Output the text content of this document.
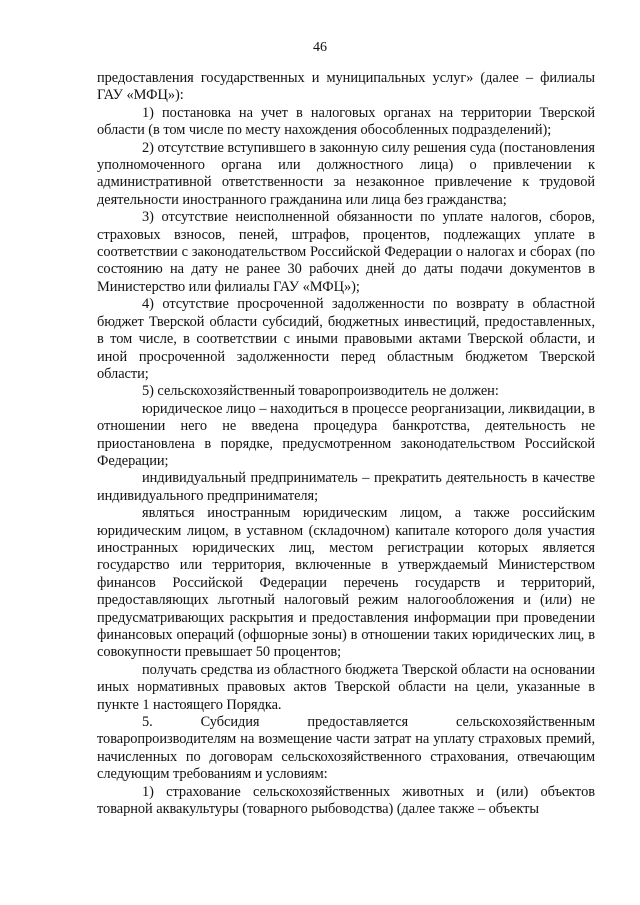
46

предоставления государственных и муниципальных услуг» (далее – филиалы ГАУ «МФЦ»):

1) постановка на учет в налоговых органах на территории Тверской области (в том числе по месту нахождения обособленных подразделений);

2) отсутствие вступившего в законную силу решения суда (постановления уполномоченного органа или должностного лица) о привлечении к административной ответственности за незаконное привлечение к трудовой деятельности иностранного гражданина или лица без гражданства;

3) отсутствие неисполненной обязанности по уплате налогов, сборов, страховых взносов, пеней, штрафов, процентов, подлежащих уплате в соответствии с законодательством Российской Федерации о налогах и сборах (по состоянию на дату не ранее 30 рабочих дней до даты подачи документов в Министерство или филиалы ГАУ «МФЦ»);

4) отсутствие просроченной задолженности по возврату в областной бюджет Тверской области субсидий, бюджетных инвестиций, предоставленных, в том числе, в соответствии с иными правовыми актами Тверской области, и иной просроченной задолженности перед областным бюджетом Тверской области;

5) сельскохозяйственный товаропроизводитель не должен:

юридическое лицо – находиться в процессе реорганизации, ликвидации, в отношении него не введена процедура банкротства, деятельность не приостановлена в порядке, предусмотренном законодательством Российской Федерации;

индивидуальный предприниматель – прекратить деятельность в качестве индивидуального предпринимателя;

являться иностранным юридическим лицом, а также российским юридическим лицом, в уставном (складочном) капитале которого доля участия иностранных юридических лиц, местом регистрации которых является государство или территория, включенные в утверждаемый Министерством финансов Российской Федерации перечень государств и территорий, предоставляющих льготный налоговый режим налогообложения и (или) не предусматривающих раскрытия и предоставления информации при проведении финансовых операций (офшорные зоны) в отношении таких юридических лиц, в совокупности превышает 50 процентов;

получать средства из областного бюджета Тверской области на основании иных нормативных правовых актов Тверской области на цели, указанные в пункте 1 настоящего Порядка.

5. Субсидия предоставляется сельскохозяйственным товаропроизводителям на возмещение части затрат на уплату страховых премий, начисленных по договорам сельскохозяйственного страхования, отвечающим следующим требованиям и условиям:

1) страхование сельскохозяйственных животных и (или) объектов товарной аквакультуры (товарного рыбоводства) (далее также – объекты
